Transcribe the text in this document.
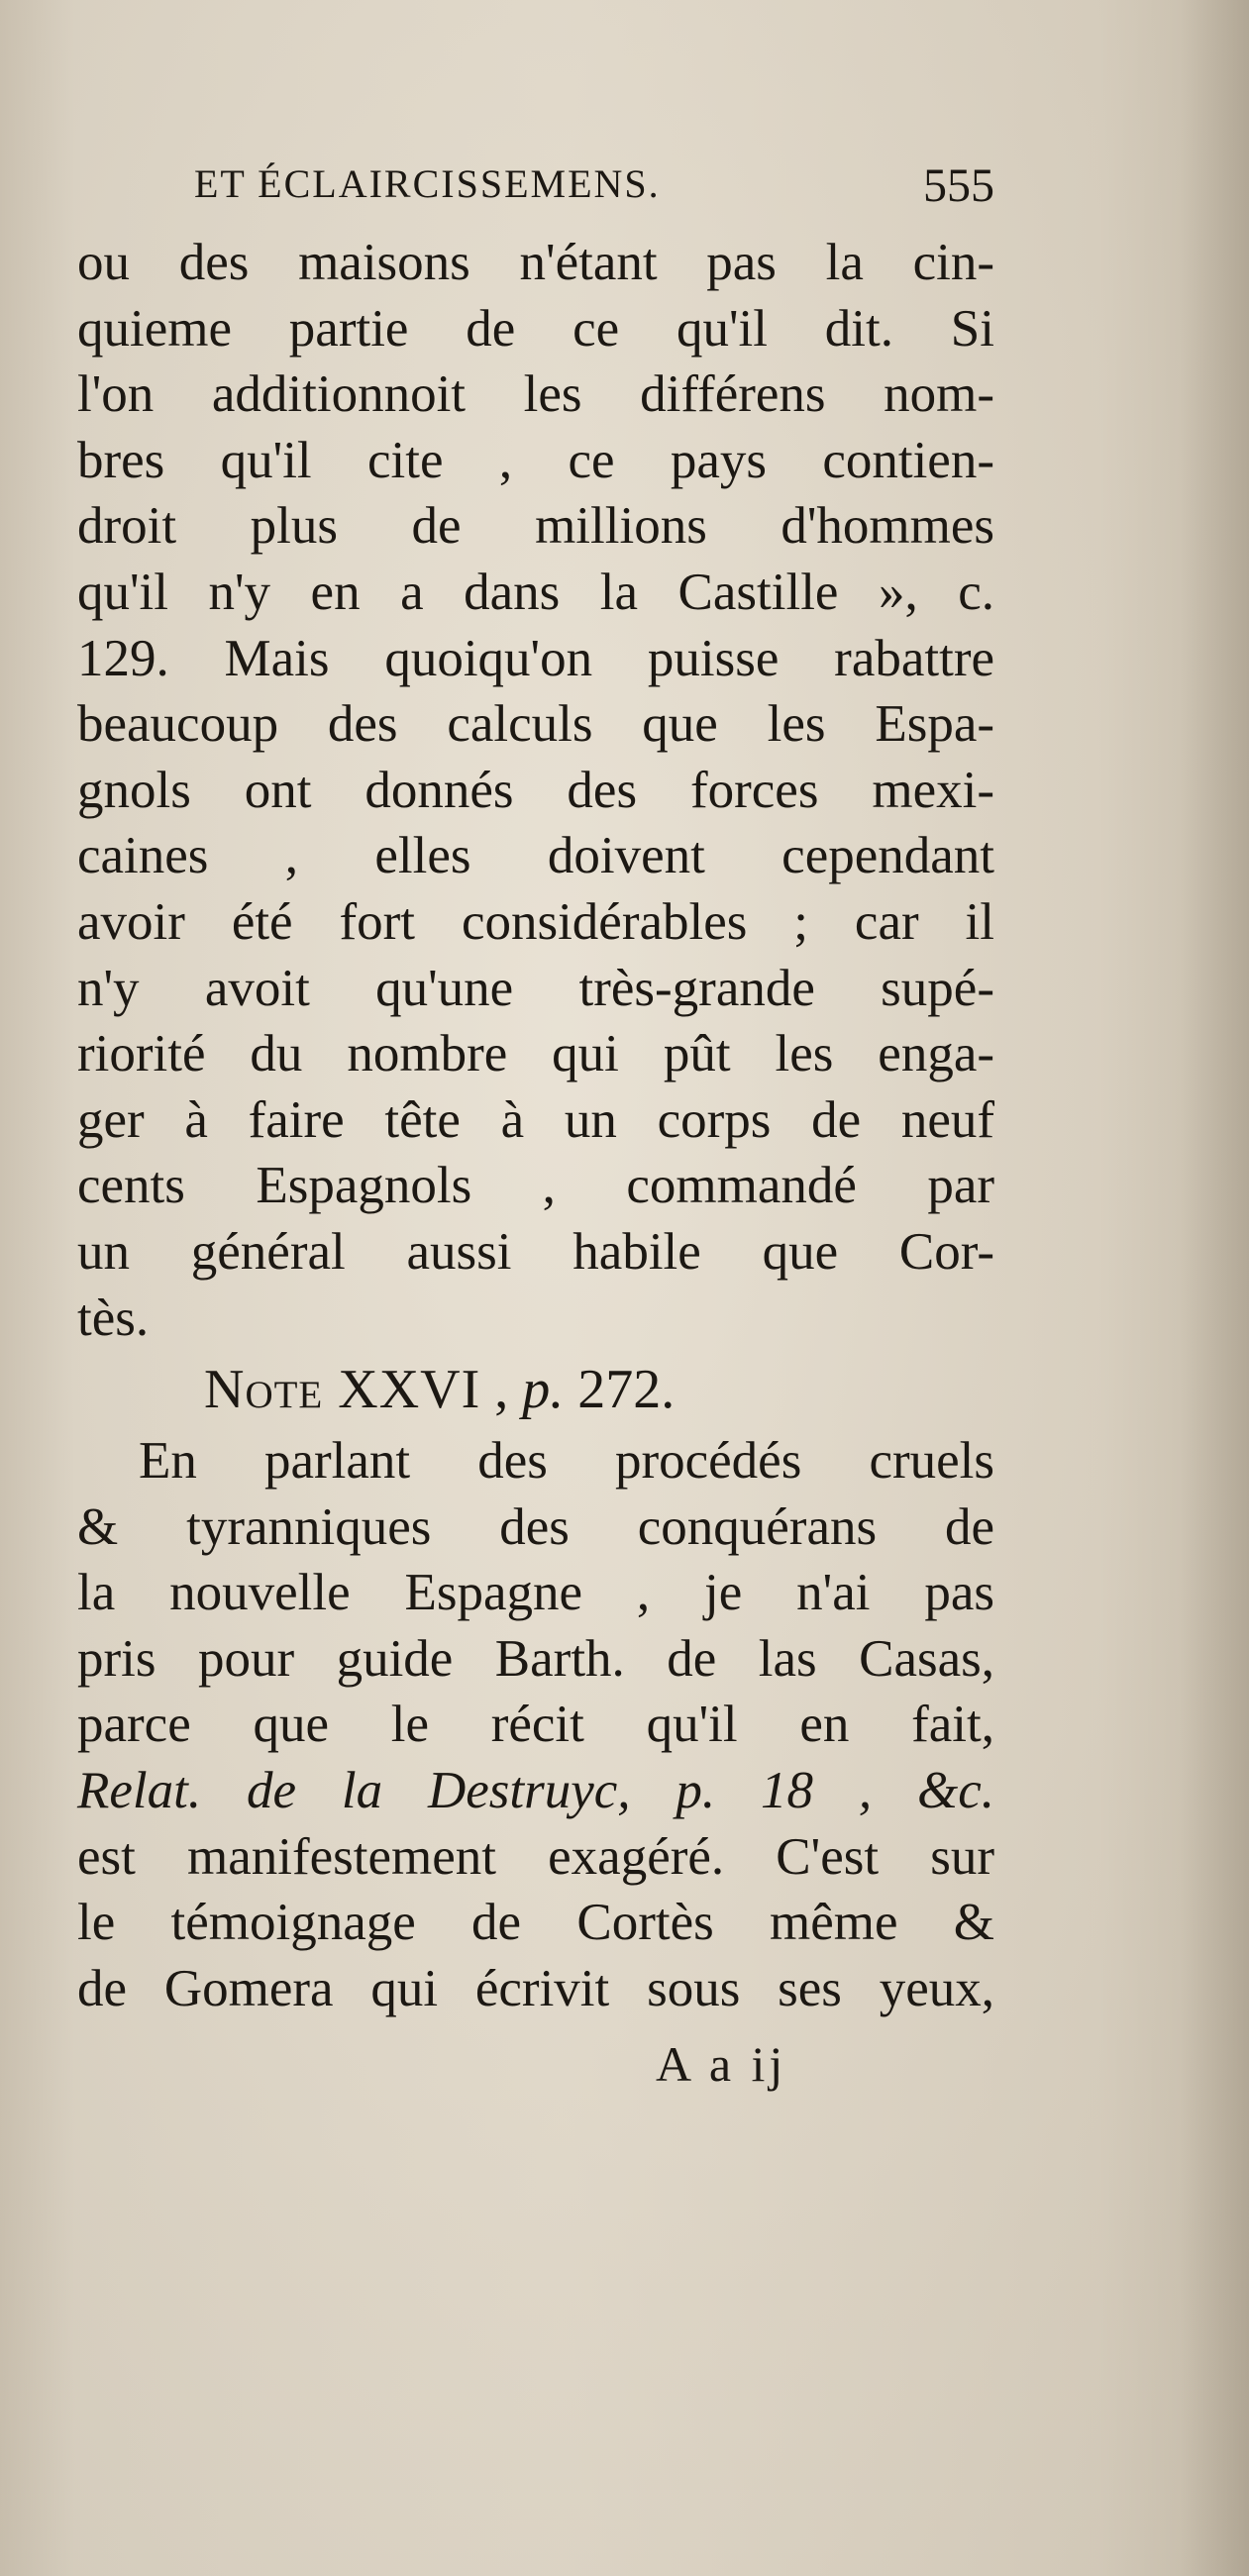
ET ÉCLAIRCISSEMENS.	555
ou des maisons n'étant pas la cin-
quieme partie de ce qu'il dit. Si
l'on additionnoit les différens nom-
bres qu'il cite , ce pays contien-
droit plus de millions d'hommes
qu'il n'y en a dans la Castille », c.
129. Mais quoiqu'on puisse rabattre
beaucoup des calculs que les Espa-
gnols ont donnés des forces mexi-
caines , elles doivent cependant
avoir été fort considérables ; car il
n'y avoit qu'une très-grande supé-
riorité du nombre qui pût les enga-
ger à faire tête à un corps de neuf
cents Espagnols , commandé par
un général aussi habile que Cor-
tès.
Note XXVI , p. 272.
En parlant des procédés cruels
& tyranniques des conquérans de
la nouvelle Espagne , je n'ai pas
pris pour guide Barth. de las Casas,
parce que le récit qu'il en fait,
Relat. de la Destruyc, p. 18 , &c.
est manifestement exagéré. C'est sur
le témoignage de Cortès même &
de Gomera qui écrivit sous ses yeux,
A a ij
